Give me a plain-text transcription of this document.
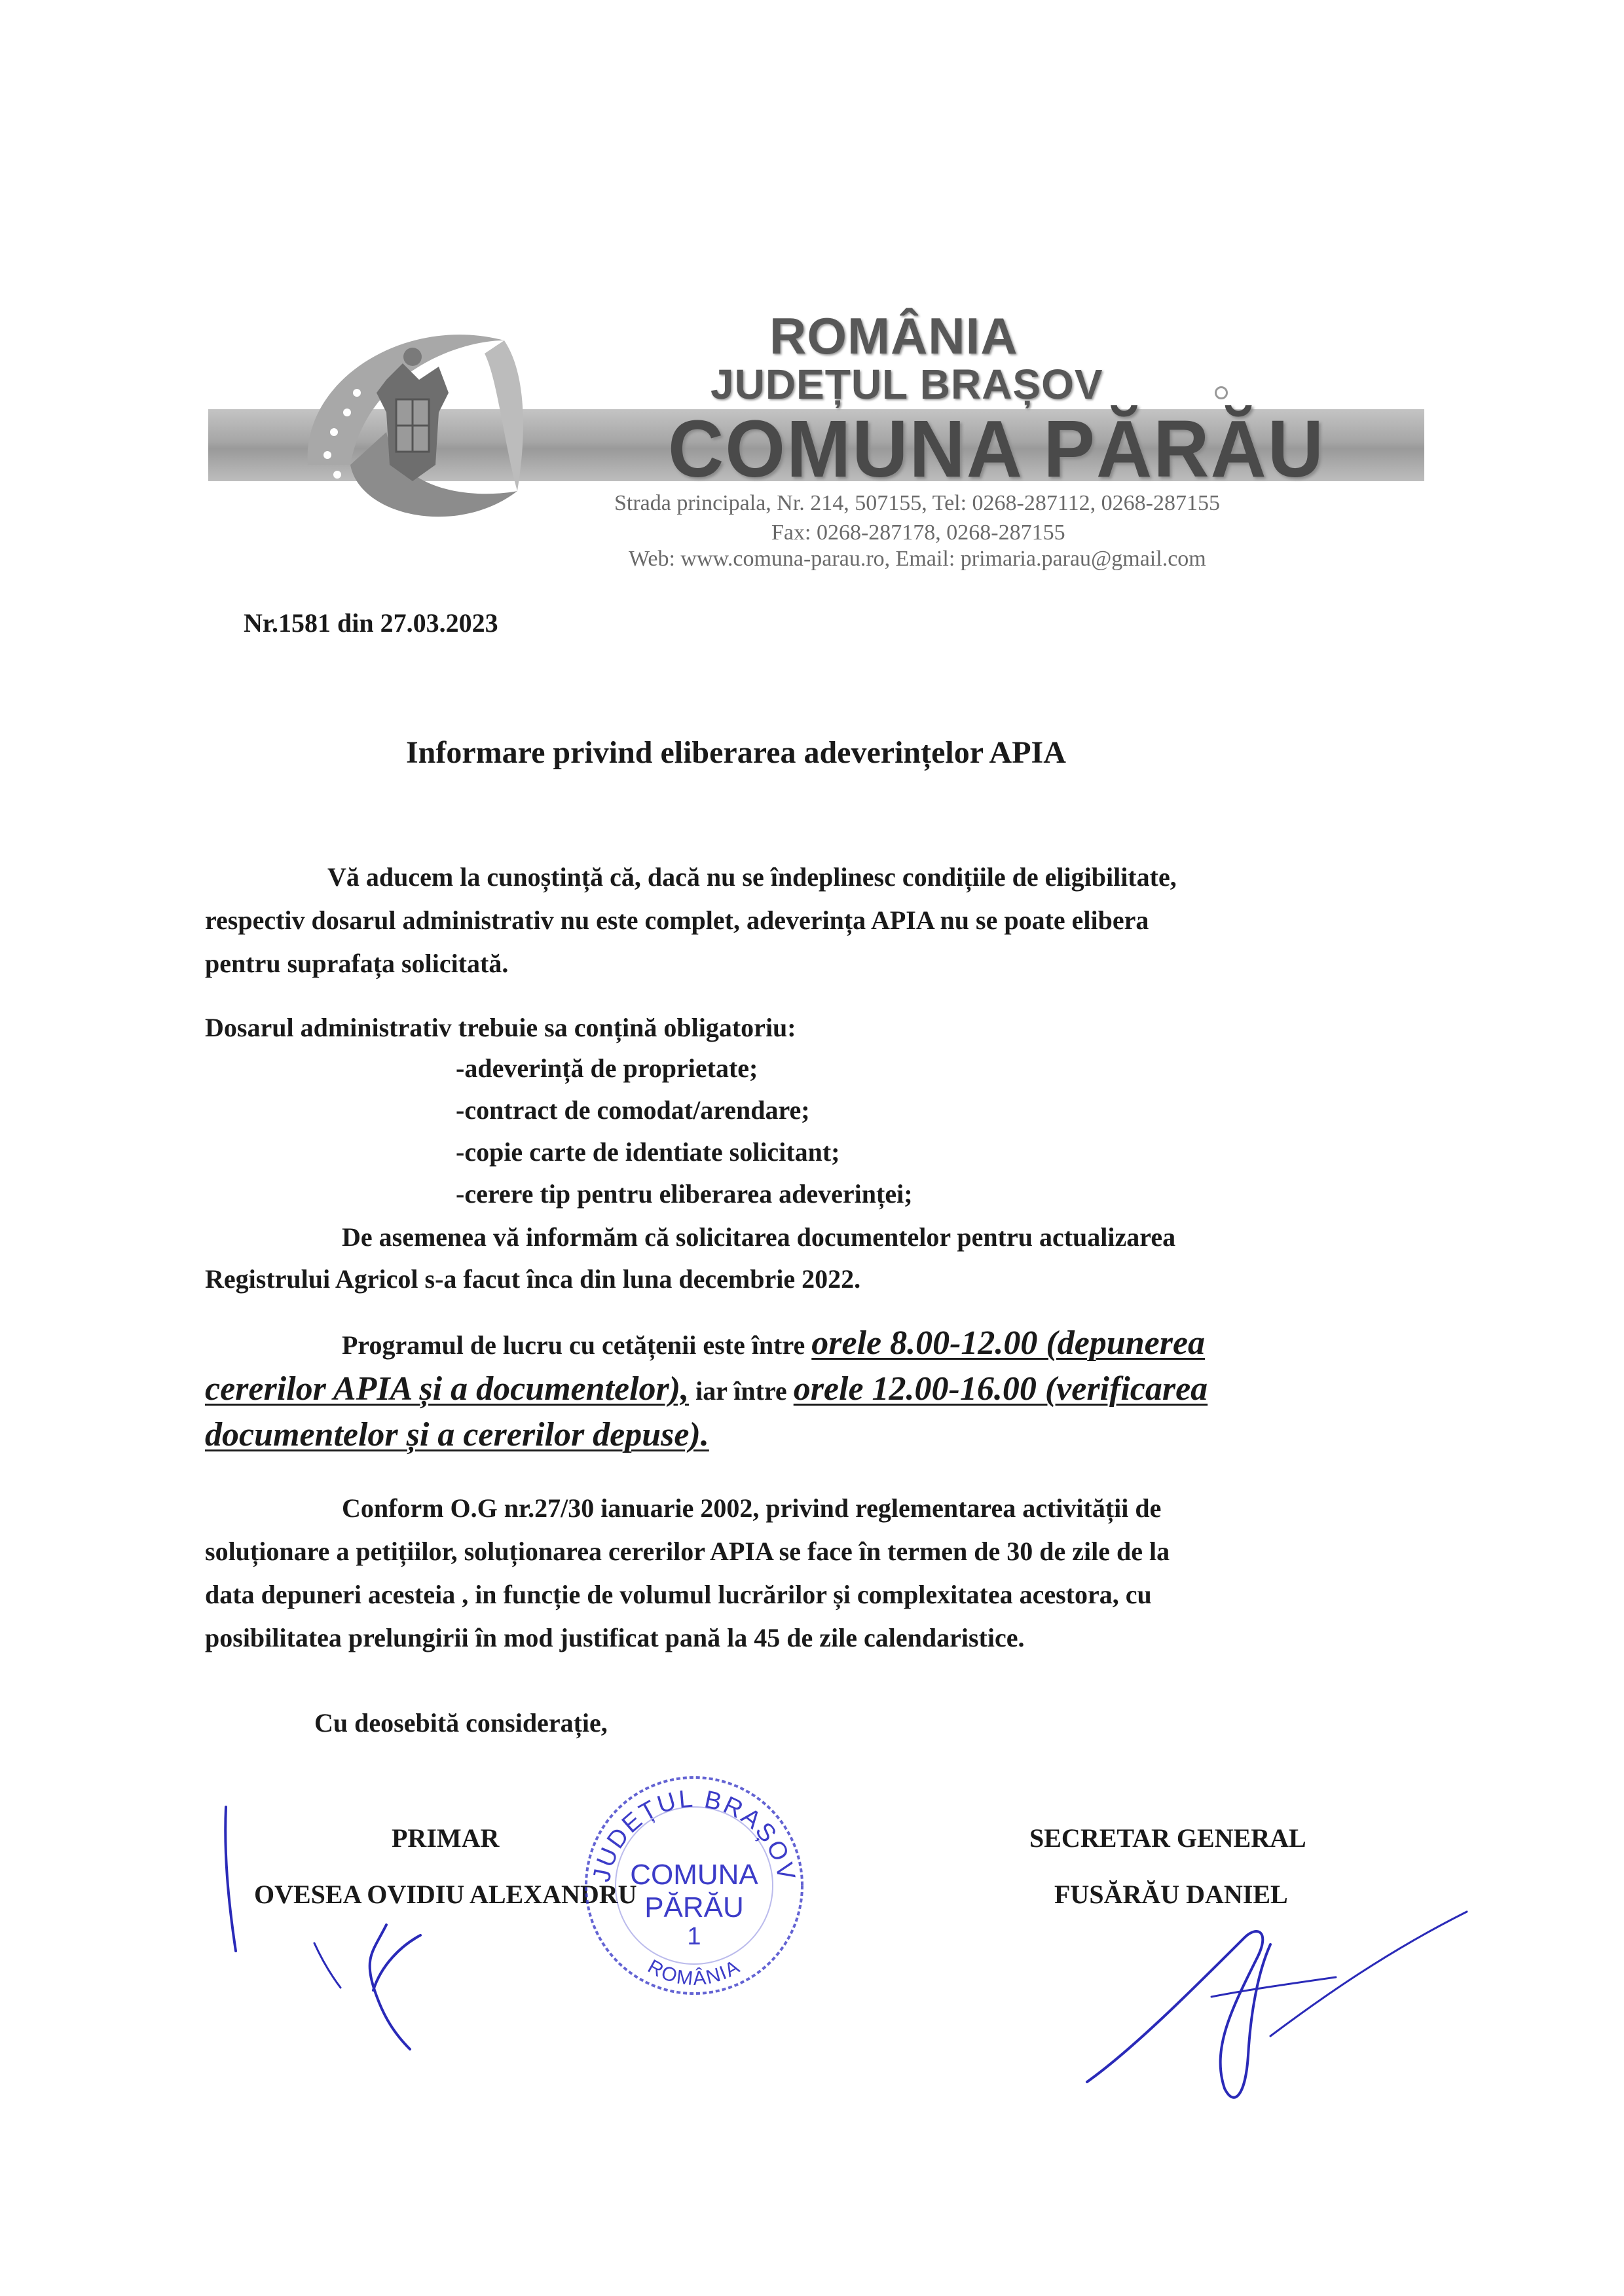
ROMÂNIA
JUDEȚUL BRAȘOV
COMUNA PĂRĂU
Strada principala, Nr. 214, 507155, Tel: 0268-287112, 0268-287155
Fax: 0268-287178, 0268-287155
Web: www.comuna-parau.ro, Email: primaria.parau@gmail.com
Nr.1581 din 27.03.2023
Informare privind eliberarea adeverințelor APIA
Vă aducem la cunoștință că, dacă nu se îndeplinesc condițiile de eligibilitate,
respectiv dosarul administrativ nu este complet, adeverința APIA nu se poate elibera
pentru suprafața solicitată.
Dosarul administrativ trebuie sa conțină obligatoriu:
-adeverință de proprietate;
-contract de comodat/arendare;
-copie carte de identiate solicitant;
-cerere tip pentru eliberarea adeverinței;
De asemenea vă informăm că solicitarea documentelor pentru actualizarea
Registrului Agricol s-a facut înca din luna decembrie 2022.
Programul de lucru cu cetățenii este între orele 8.00-12.00 (depunerea
cererilor APIA și a documentelor), iar între orele 12.00-16.00 (verificarea
documentelor și a cererilor depuse).
Conform O.G nr.27/30 ianuarie 2002, privind reglementarea activității de
soluționare a petițiilor, soluționarea cererilor APIA se face în termen de 30 de zile de la
data depuneri acesteia , in funcție de volumul lucrărilor și complexitatea acestora, cu
posibilitatea prelungirii în mod justificat pană la 45 de zile calendaristice.
Cu deosebită considerație,
PRIMAR
OVESEA OVIDIU ALEXANDRU
SECRETAR GENERAL
FUSĂRĂU DANIEL
JUDEȚUL BRAȘOV
COMUNA
PĂRĂU
1
ROMÂNIA
